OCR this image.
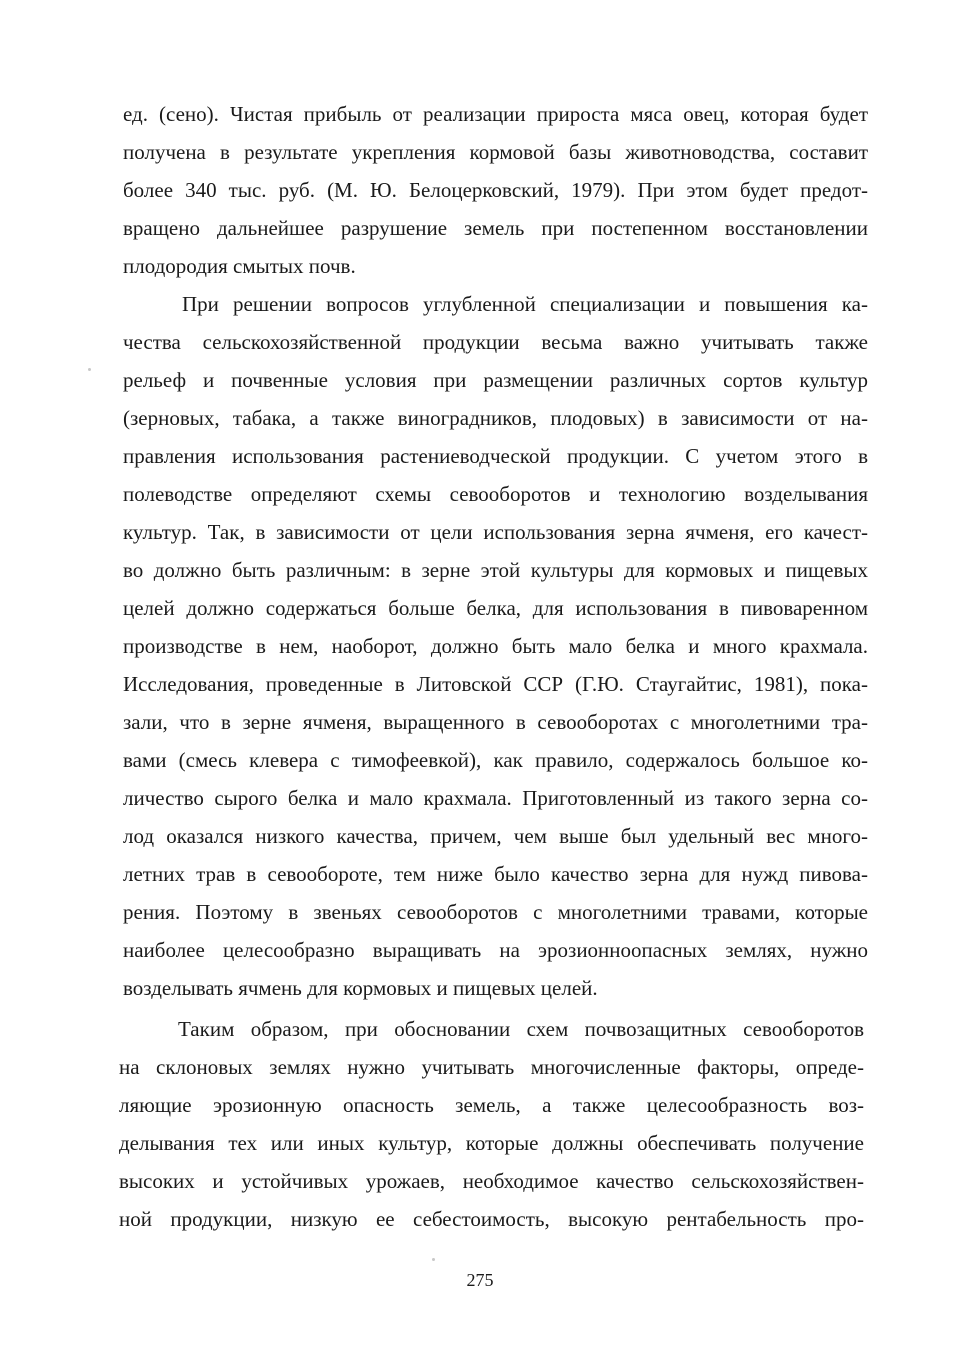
ед. (сено). Чистая прибыль от реализации прироста мяса овец, которая будет
получена в результате укрепления кормовой базы животноводства, составит
более 340 тыс. руб. (М. Ю. Белоцерковский, 1979). При этом будет предот-
вращено дальнейшее разрушение земель при постепенном восстановлении
плодородия смытых почв.
При решении вопросов углубленной специализации и повышения ка-
чества сельскохозяйственной продукции весьма важно учитывать также
рельеф и почвенные условия при размещении различных сортов культур
(зерновых, табака, а также виноградников, плодовых) в зависимости от на-
правления использования растениеводческой продукции. С учетом этого в
полеводстве определяют схемы севооборотов и технологию возделывания
культур. Так, в зависимости от цели использования зерна ячменя, его качест-
во должно быть различным: в зерне этой культуры для кормовых и пищевых
целей должно содержаться больше белка, для использования в пивоваренном
производстве в нем, наоборот, должно быть мало белка и много крахмала.
Исследования, проведенные в Литовской ССР (Г.Ю. Стаугайтис, 1981), пока-
зали, что в зерне ячменя, выращенного в севооборотах с многолетними тра-
вами (смесь клевера с тимофеевкой), как правило, содержалось большое ко-
личество сырого белка и мало крахмала. Приготовленный из такого зерна со-
лод оказался низкого качества, причем, чем выше был удельный вес много-
летних трав в севообороте, тем ниже было качество зерна для нужд пивова-
рения. Поэтому в звеньях севооборотов с многолетними травами, которые
наиболее целесообразно выращивать на эрозионноопасных землях, нужно
возделывать ячмень для кормовых и пищевых целей.
Таким образом, при обосновании схем почвозащитных севооборотов
на склоновых землях нужно учитывать многочисленные факторы, опреде-
ляющие эрозионную опасность земель, а также целесообразность воз-
делывания тех или иных культур, которые должны обеспечивать получение
высоких и устойчивых урожаев, необходимое качество сельскохозяйствен-
ной продукции, низкую ее себестоимость, высокую рентабельность про-
275
